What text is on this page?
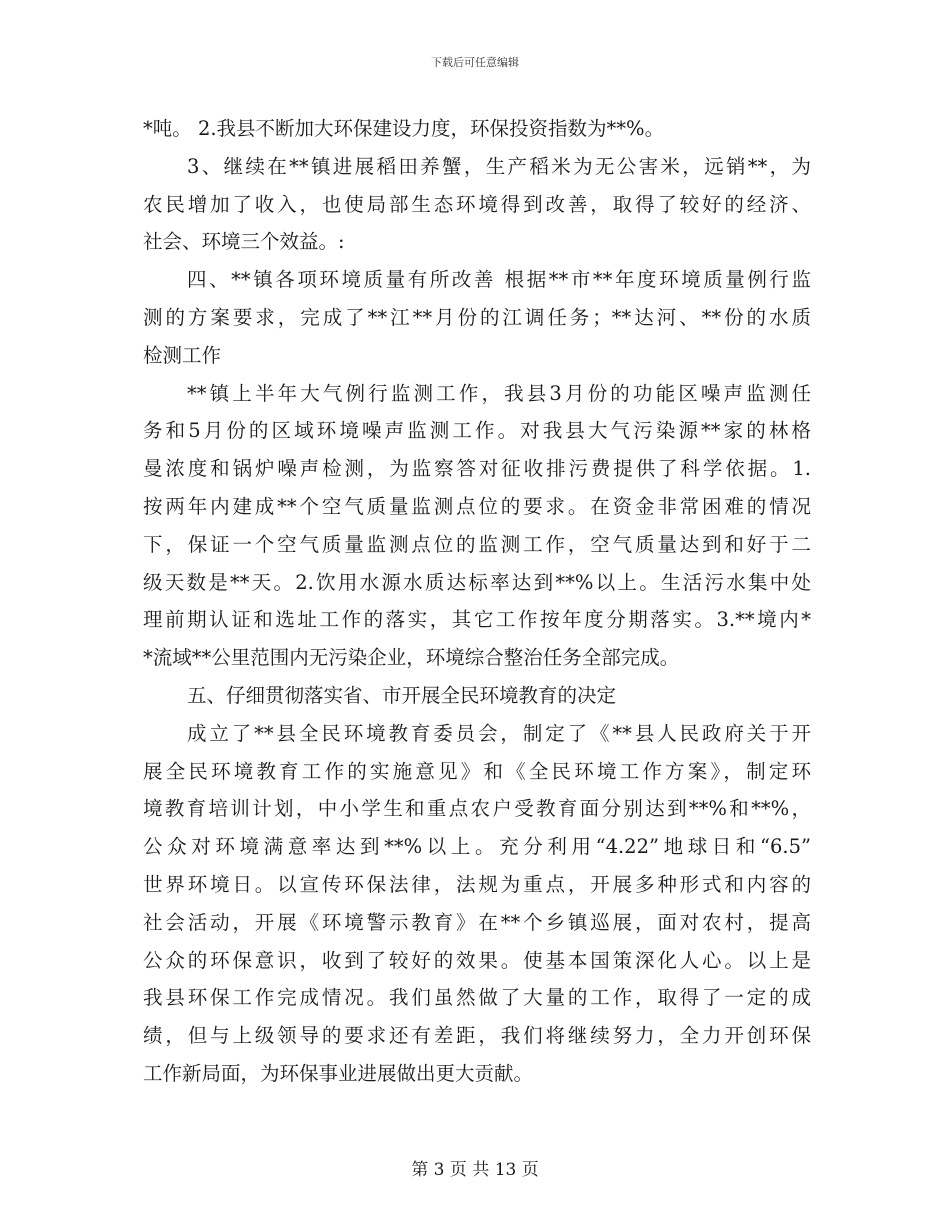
下载后可任意编辑
*吨。 2.我县不断加大环保建设力度，环保投资指数为**%。
3、继续在**镇进展稻田养蟹，生产稻米为无公害米，远销**，为
农民增加了收入，也使局部生态环境得到改善，取得了较好的经济、
社会、环境三个效益。:
四、**镇各项环境质量有所改善 根据**市**年度环境质量例行监
测的方案要求，完成了**江**月份的江调任务；**达河、**份的水质
检测工作
**镇上半年大气例行监测工作，我县3月份的功能区噪声监测任
务和5月份的区域环境噪声监测工作。对我县大气污染源**家的林格
曼浓度和锅炉噪声检测，为监察答对征收排污费提供了科学依据。1.
按两年内建成**个空气质量监测点位的要求。在资金非常困难的情况
下，保证一个空气质量监测点位的监测工作，空气质量达到和好于二
级天数是**天。2.饮用水源水质达标率达到**%以上。生活污水集中处
理前期认证和选址工作的落实，其它工作按年度分期落实。3.**境内*
*流域**公里范围内无污染企业，环境综合整治任务全部完成。
五、仔细贯彻落实省、市开展全民环境教育的决定
成立了**县全民环境教育委员会，制定了《**县人民政府关于开
展全民环境教育工作的实施意见》和《全民环境工作方案》，制定环
境教育培训计划，中小学生和重点农户受教育面分别达到**%和**%，
公众对环境满意率达到**%以上。充分利用“4.22”地球日和“6.5”
世界环境日。以宣传环保法律，法规为重点，开展多种形式和内容的
社会活动，开展《环境警示教育》在**个乡镇巡展，面对农村，提高
公众的环保意识，收到了较好的效果。使基本国策深化人心。以上是
我县环保工作完成情况。我们虽然做了大量的工作，取得了一定的成
绩，但与上级领导的要求还有差距，我们将继续努力，全力开创环保
工作新局面，为环保事业进展做出更大贡献。
第 3 页 共 13 页
